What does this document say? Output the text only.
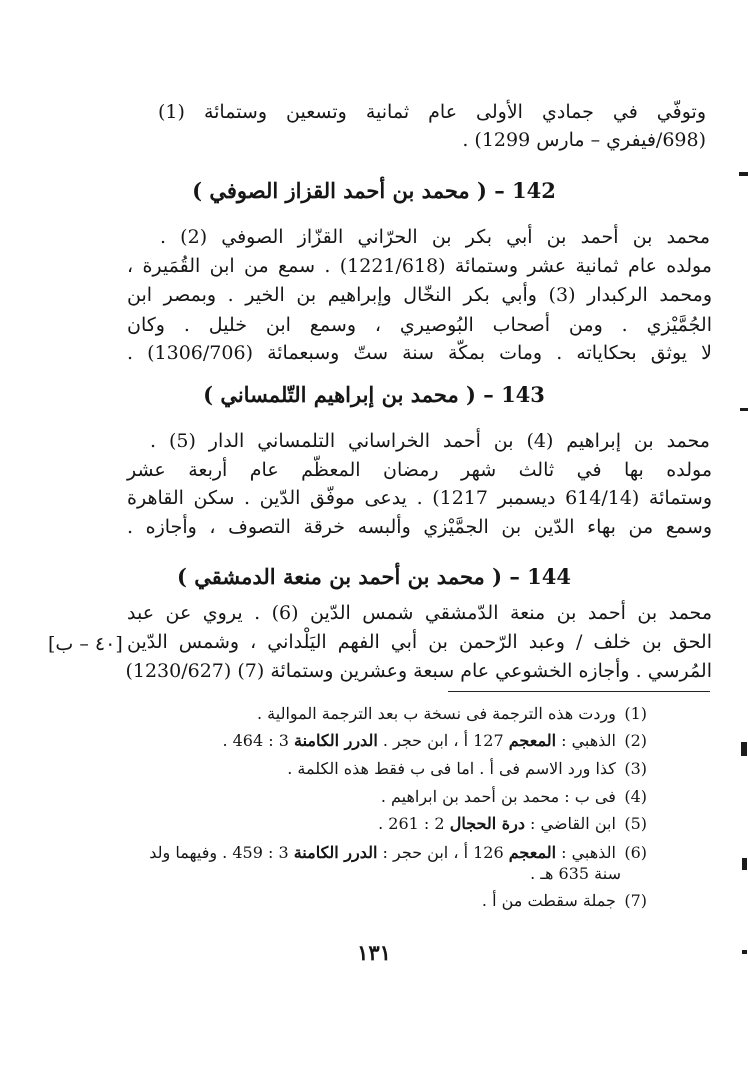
وتوفّي في جمادي الأولى عام ثمانية وتسعين وستمائة (1)
(698/فيفري – مارس 1299) .
142 – ( محمد بن أحمد القزاز الصوفي )
محمد بن أحمد بن أبي بكر بن الحرّاني القزّاز الصوفي (2) .
مولده عام ثمانية عشر وستمائة (1221/618) . سمع من ابن القُمَيرة ،
ومحمد الركبدار (3) وأبي بكر النخّال وإبراهيم بن الخير . وبمصر ابن
الجُمَّيْزي . ومن أصحاب البُوصيري ، وسمع ابن خليل . وكان
لا يوثق بحكاياته . ومات بمكّة سنة ستّ وسبعمائة (1306/706) .
143 – ( محمد بن إبراهيم التّلمساني )
محمد بن إبراهيم (4) بن أحمد الخراساني التلمساني الدار (5) .
مولده بها في ثالث شهر رمضان المعظّم عام أربعة عشر
وستمائة (614/14 ديسمبر 1217) . يدعى موفّق الدّين . سكن القاهرة
وسمع من بهاء الدّين بن الجمَّيْزي وألبسه خرقة التصوف ، وأجازه .
144 – ( محمد بن أحمد بن منعة الدمشقي )
محمد بن أحمد بن منعة الدّمشقي شمس الدّين (6) . يروي عن عبد
الحق بن خلف / وعبد الرّحمن بن أبي الفهم اليَلْداني ، وشمس الدّين
المُرسي . وأجازه الخشوعي عام سبعة وعشرين وستمائة (7) (1230/627)
[٤٠ – ب]
(1) وردت هذه الترجمة فى نسخة ب بعد الترجمة الموالية .
(2) الذهبي : المعجم 127 أ ، ابن حجر . الدرر الكامنة 3 : 464 .
(3) كذا ورد الاسم فى أ . اما فى ب فقط هذه الكلمة .
(4) فى ب : محمد بن أحمد بن ابراهيم .
(5) ابن القاضي : درة الحجال 2 : 261 .
(6) الذهبي : المعجم 126 أ ، ابن حجر : الدرر الكامنة 3 : 459 . وفيهما ولد
سنة 635 هـ .
(7) جملة سقطت من أ .
١٣١
